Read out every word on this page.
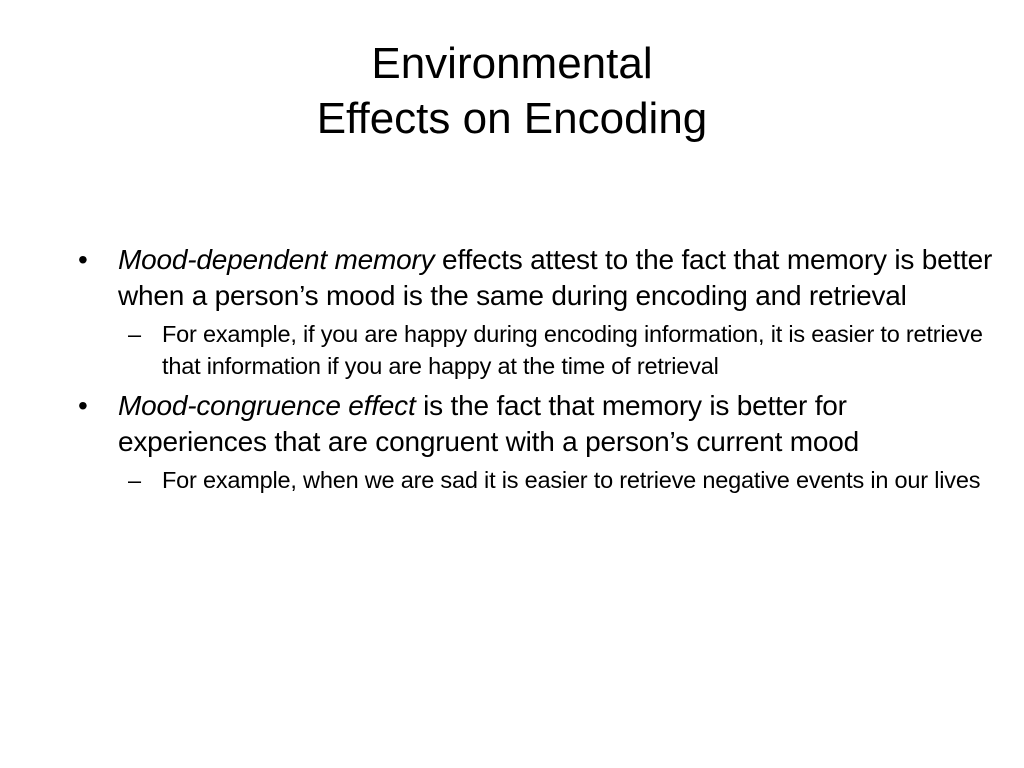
Environmental
Effects on Encoding
• Mood-dependent memory effects attest to the fact that memory is better when a person’s mood is the same during encoding and retrieval
– For example, if you are happy during encoding information, it is easier to retrieve that information if you are happy at the time of retrieval
• Mood-congruence effect is the fact that memory is better for experiences that are congruent with a person’s current mood
– For example, when we are sad it is easier to retrieve negative events in our lives
